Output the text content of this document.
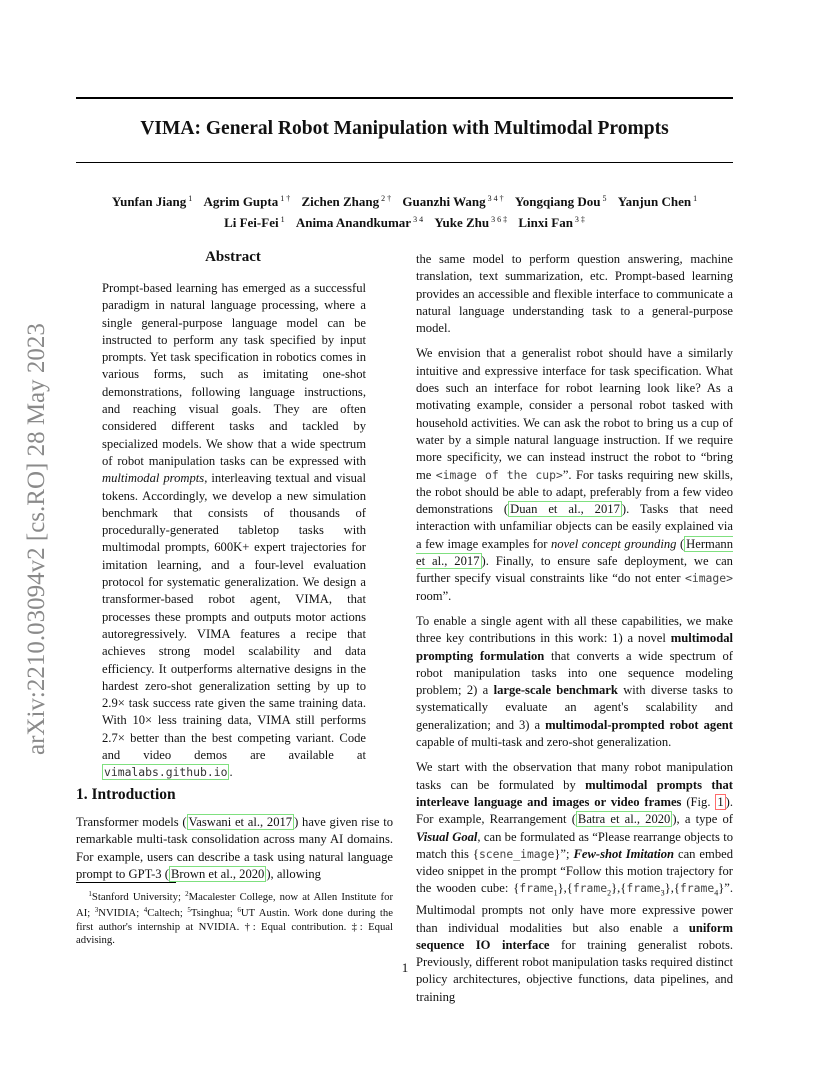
arXiv:2210.03094v2 [cs.RO] 28 May 2023
VIMA: General Robot Manipulation with Multimodal Prompts
Yunfan Jiang $^1$ Agrim Gupta $^{1 \dagger}$ Zichen Zhang $^{2 \dagger}$ Guanzhi Wang $^{3 4 \dagger}$ Yongqiang Dou $^5$ Yanjun Chen $^1$
Li Fei-Fei $^1$ Anima Anandkumar $^{3 4}$ Yuke Zhu $^{3 6 \ddagger}$ Linxi Fan $^{3 \ddagger}$
Abstract

Prompt-based learning has emerged as a successful paradigm in natural language processing, where a single general-purpose language model can be instructed to perform any task specified by input prompts. Yet task specification in robotics comes in various forms, such as imitating one-shot demonstrations, following language instructions, and reaching visual goals. They are often considered different tasks and tackled by specialized models. We show that a wide spectrum of robot manipulation tasks can be expressed with multimodal prompts, interleaving textual and visual tokens. Accordingly, we develop a new simulation benchmark that consists of thousands of procedurally-generated tabletop tasks with multimodal prompts, 600K+ expert trajectories for imitation learning, and a four-level evaluation protocol for systematic generalization. We design a transformer-based robot agent, VIMA, that processes these prompts and outputs motor actions autoregressively. VIMA features a recipe that achieves strong model scalability and data efficiency. It outperforms alternative designs in the hardest zero-shot generalization setting by up to 2.9× task success rate given the same training data. With 10× less training data, VIMA still performs 2.7× better than the best competing variant. Code and video demos are available at vimalabs.github.io .

1. Introduction

Transformer models ( Vaswani et al., 2017 ) have given rise to remarkable multi-task consolidation across many AI domains. For example, users can describe a task using natural language prompt to GPT-3 ( Brown et al., 2020 ), allowing

$^1$Stanford University; $^2$Macalester College, now at Allen Institute for AI; $^3$NVIDIA; $^4$Caltech; $^5$Tsinghua; $^6$UT Austin. Work done during the first author's internship at NVIDIA. †: Equal contribution. ‡: Equal advising.

the same model to perform question answering, machine translation, text summarization, etc. Prompt-based learning provides an accessible and flexible interface to communicate a natural language understanding task to a general-purpose model.

We envision that a generalist robot should have a similarly intuitive and expressive interface for task specification. What does such an interface for robot learning look like? As a motivating example, consider a personal robot tasked with household activities. We can ask the robot to bring us a cup of water by a simple natural language instruction. If we require more specificity, we can instead instruct the robot to “bring me <image of the cup>”. For tasks requiring new skills, the robot should be able to adapt, preferably from a few video demonstrations ( Duan et al., 2017 ). Tasks that need interaction with unfamiliar objects can be easily explained via a few image examples for novel concept grounding ( Hermann et al., 2017 ). Finally, to ensure safe deployment, we can further specify visual constraints like “do not enter <image> room”.

To enable a single agent with all these capabilities, we make three key contributions in this work: 1) a novel multimodal prompting formulation that converts a wide spectrum of robot manipulation tasks into one sequence modeling problem; 2) a large-scale benchmark with diverse tasks to systematically evaluate an agent's scalability and generalization; and 3) a multimodal-prompted robot agent capable of multi-task and zero-shot generalization.

We start with the observation that many robot manipulation tasks can be formulated by multimodal prompts that interleave language and images or video frames (Fig. 1 ). For example, Rearrangement ( Batra et al., 2020 ), a type of Visual Goal, can be formulated as “Please rearrange objects to match this {scene_image}”; Few-shot Imitation can embed video snippet in the prompt “Follow this motion trajectory for the wooden cube: {frame$_1$},{frame$_2$},{frame$_3$},{frame$_4$}”. Multimodal prompts not only have more expressive power than individual modalities but also enable a uniform sequence IO interface for training generalist robots. Previously, different robot manipulation tasks required distinct policy architectures, objective functions, data pipelines, and training

1
